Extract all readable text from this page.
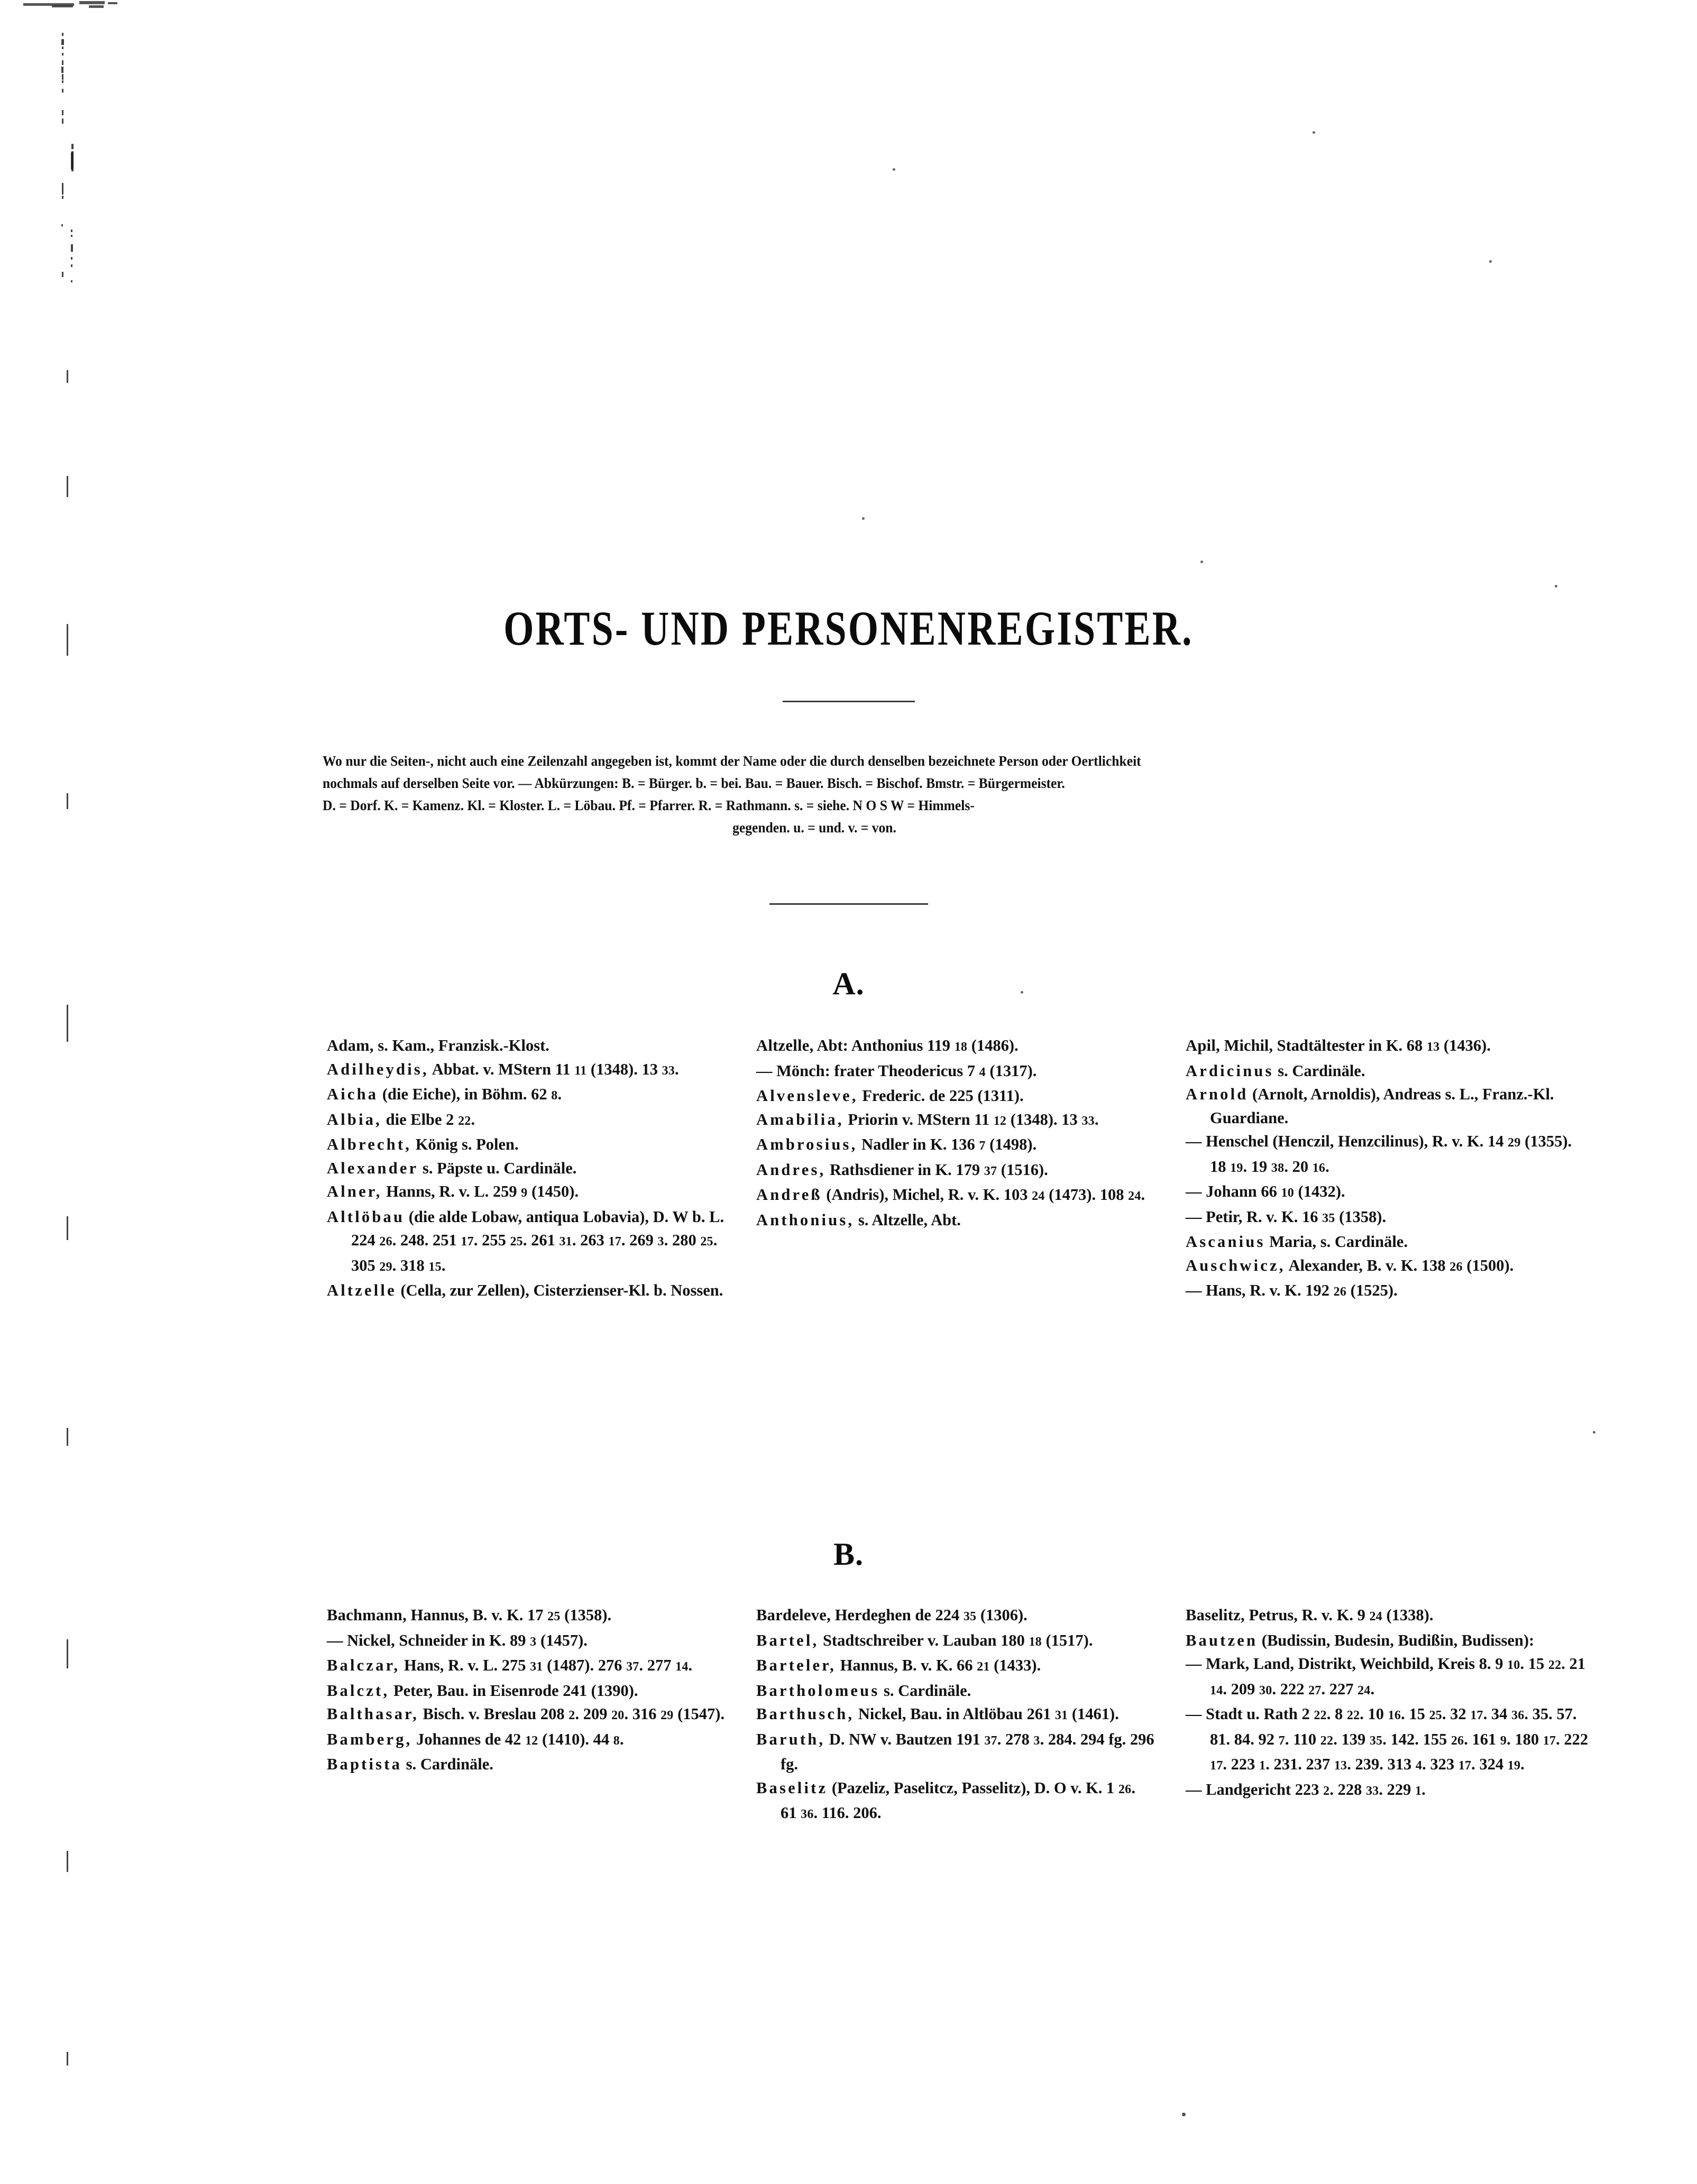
ORTS- UND PERSONENREGISTER.
Wo nur die Seiten-, nicht auch eine Zeilenzahl angegeben ist, kommt der Name oder die durch denselben bezeichnete Person oder Oertlichkeit
nochmals auf derselben Seite vor. — Abkürzungen: B. = Bürger. b. = bei. Bau. = Bauer. Bisch. = Bischof. Bmstr. = Bürgermeister.
D. = Dorf. K. = Kamenz. Kl. = Kloster. L. = Löbau. Pf. = Pfarrer. R. = Rathmann. s. = siehe. N O S W = Himmels-
gegenden. u. = und. v. = von.
A.

Adam, s. Kam., Franzisk.-Klost.

Adilheydis, Abbat. v. MStern 11 11 (1348). 13 33.

Aicha (die Eiche), in Böhm. 62 8.

Albia, die Elbe 2 22.

Albrecht, König s. Polen.

Alexander s. Päpste u. Cardinäle.

Alner, Hanns, R. v. L. 259 9 (1450).

Altlöbau (die alde Lobaw, antiqua Lobavia), D. W b. L. 224 26. 248. 251 17. 255 25. 261 31. 263 17. 269 3. 280 25. 305 29. 318 15.

Altzelle (Cella, zur Zellen), Cisterzienser-Kl. b. Nossen.

Altzelle, Abt: Anthonius 119 18 (1486).

— Mönch: frater Theodericus 7 4 (1317).

Alvensleve, Frederic. de 225 (1311).

Amabilia, Priorin v. MStern 11 12 (1348). 13 33.

Ambrosius, Nadler in K. 136 7 (1498).

Andres, Rathsdiener in K. 179 37 (1516).

Andreß (Andris), Michel, R. v. K. 103 24 (1473). 108 24.

Anthonius, s. Altzelle, Abt.

Apil, Michil, Stadtältester in K. 68 13 (1436).

Ardicinus s. Cardinäle.

Arnold (Arnolt, Arnoldis), Andreas s. L., Franz.-Kl. Guardiane.

— Henschel (Henczil, Henzcilinus), R. v. K. 14 29 (1355). 18 19. 19 38. 20 16.

— Johann 66 10 (1432).

— Petir, R. v. K. 16 35 (1358).

Ascanius Maria, s. Cardinäle.

Auschwicz, Alexander, B. v. K. 138 26 (1500).

— Hans, R. v. K. 192 26 (1525).

B.

Bachmann, Hannus, B. v. K. 17 25 (1358).

— Nickel, Schneider in K. 89 3 (1457).

Balczar, Hans, R. v. L. 275 31 (1487). 276 37. 277 14.

Balczt, Peter, Bau. in Eisenrode 241 (1390).

Balthasar, Bisch. v. Breslau 208 2. 209 20. 316 29 (1547).

Bamberg, Johannes de 42 12 (1410). 44 8.

Baptista s. Cardinäle.

Bardeleve, Herdeghen de 224 35 (1306).

Bartel, Stadtschreiber v. Lauban 180 18 (1517).

Barteler, Hannus, B. v. K. 66 21 (1433).

Bartholomeus s. Cardinäle.

Barthusch, Nickel, Bau. in Altlöbau 261 31 (1461).

Baruth, D. NW v. Bautzen 191 37. 278 3. 284. 294 fg. 296 fg.

Baselitz (Pazeliz, Paselitcz, Passelitz), D. O v. K. 1 26. 61 36. 116. 206.

Baselitz, Petrus, R. v. K. 9 24 (1338).

Bautzen (Budissin, Budesin, Budißin, Budissen):

— Mark, Land, Distrikt, Weichbild, Kreis 8. 9 10. 15 22. 21 14. 209 30. 222 27. 227 24.

— Stadt u. Rath 2 22. 8 22. 10 16. 15 25. 32 17. 34 36. 35. 57. 81. 84. 92 7. 110 22. 139 35. 142. 155 26. 161 9. 180 17. 222 17. 223 1. 231. 237 13. 239. 313 4. 323 17. 324 19.

— Landgericht 223 2. 228 33. 229 1.
